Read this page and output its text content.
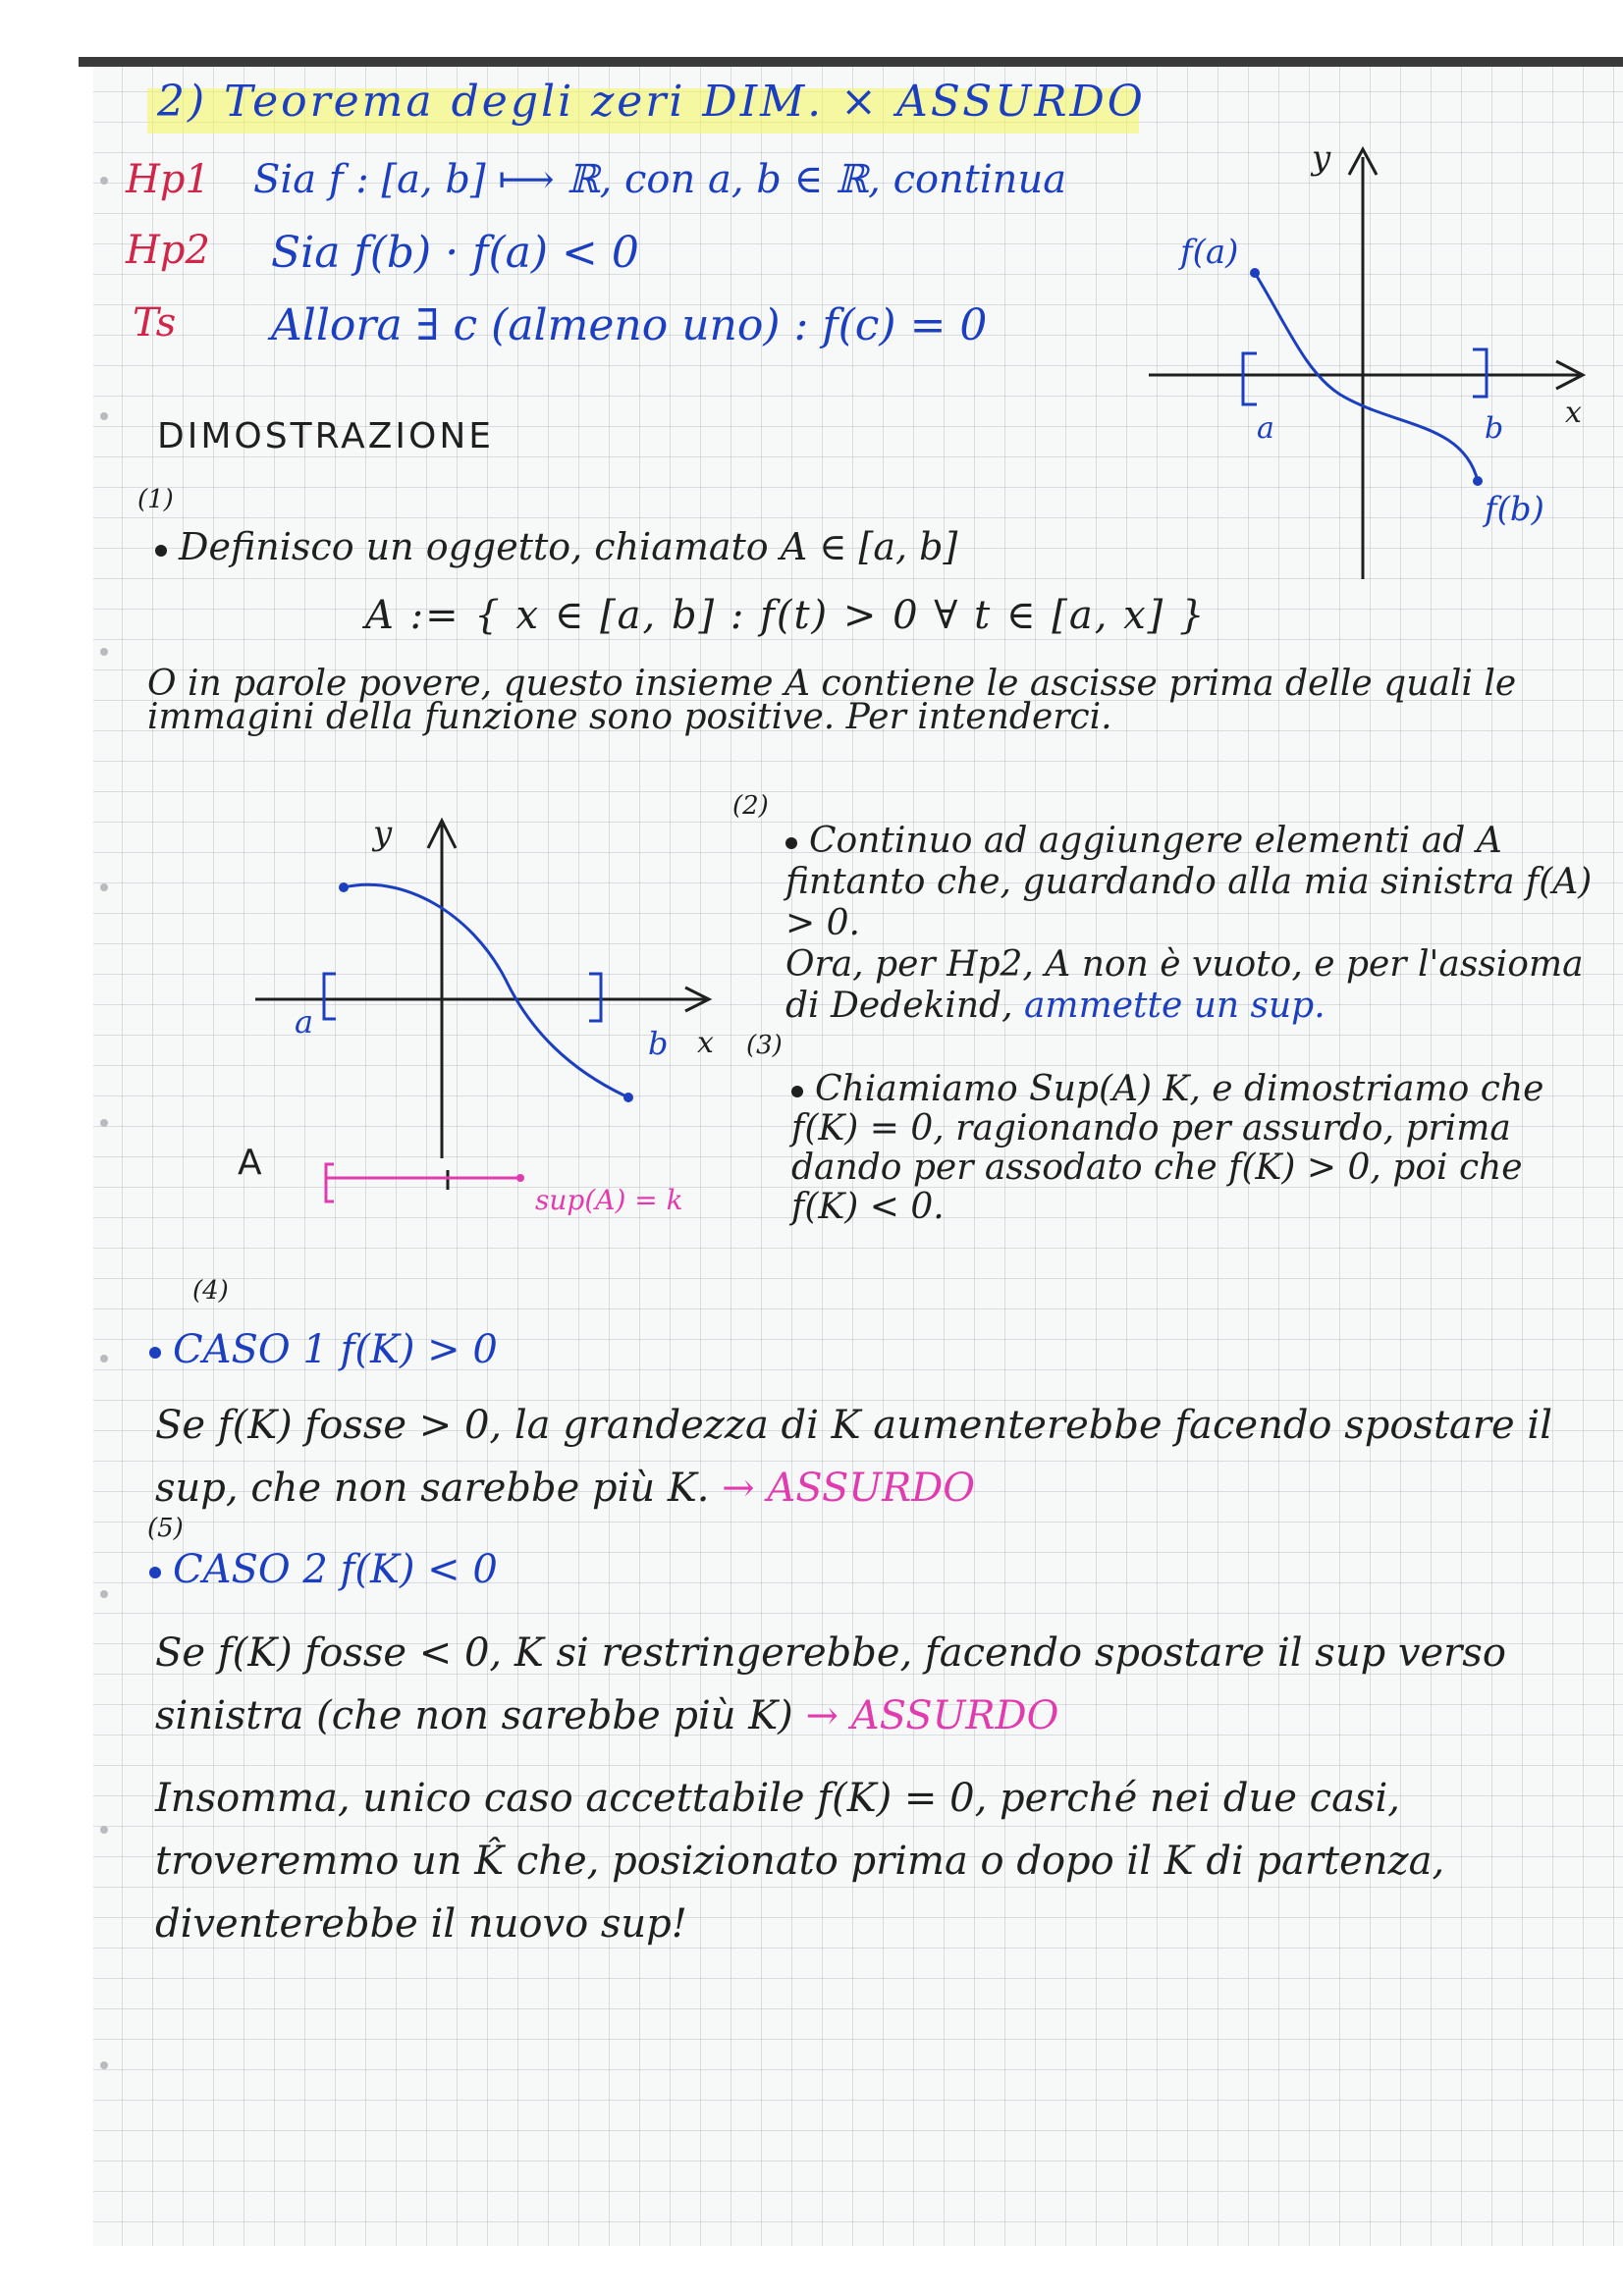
2) Teorema degli zeri DIM. × ASSURDO
Hp1 Sia f : [a, b] ⟼ ℝ, con a, b ∈ ℝ, continua
Hp2 Sia f(b) · f(a) < 0
Ts Allora ∃ c (almeno uno) : f(c) = 0
y
x
f(a)
f(b)
a	b
DIMOSTRAZIONE
(1)
Definisco un oggetto, chiamato A ∈ [a, b]
A := { x ∈ [a, b] : f(t) > 0 ∀ t ∈ [a, x] }
O in parole povere, questo insieme A contiene le ascisse prima delle quali le immagini della funzione sono positive. Per intenderci.
y
x
a
b
A
sup(A) = k
(2)
Continuo ad aggiungere elementi ad A fintanto che, guardando alla mia sinistra f(A) > 0.
Ora, per Hp2, A non è vuoto, e per l'assioma di Dedekind, ammette un sup.
(3)
Chiamiamo Sup(A) K, e dimostriamo che f(K) = 0, ragionando per assurdo, prima dando per assodato che f(K) > 0, poi che f(K) < 0.
(4)
CASO 1 f(K) > 0
Se f(K) fosse > 0, la grandezza di K aumenterebbe facendo spostare il sup, che non sarebbe più K. → ASSURDO
(5)
CASO 2 f(K) < 0
Se f(K) fosse < 0, K si restringerebbe, facendo spostare il sup verso sinistra (che non sarebbe più K) → ASSURDO
Insomma, unico caso accettabile f(K) = 0, perché nei due casi, troveremmo un K̂ che, posizionato prima o dopo il K di partenza, diventerebbe il nuovo sup!
